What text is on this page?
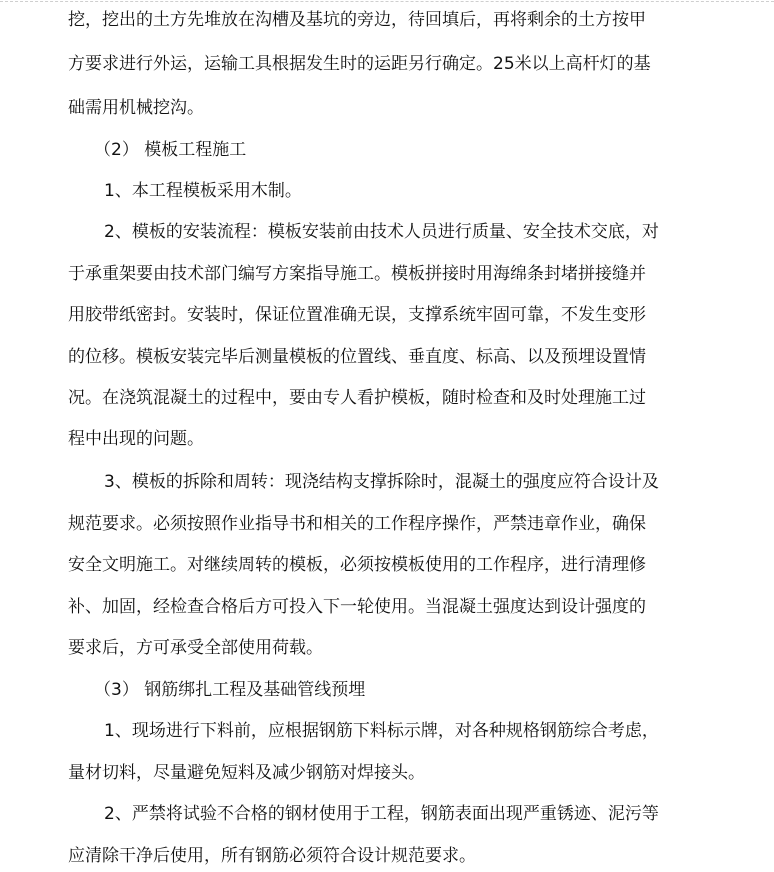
挖，挖出的土方先堆放在沟槽及基坑的旁边，待回填后，再将剩余的土方按甲
方要求进行外运，运输工具根据发生时的运距另行确定。25米以上高杆灯的基
础需用机械挖沟。
（2） 模板工程施工
1、本工程模板采用木制。
2、模板的安装流程：模板安装前由技术人员进行质量、安全技术交底，对
于承重架要由技术部门编写方案指导施工。模板拼接时用海绵条封堵拼接缝并
用胶带纸密封。安装时，保证位置准确无误，支撑系统牢固可靠，不发生变形
的位移。模板安装完毕后测量模板的位置线、垂直度、标高、以及预埋设置情
况。在浇筑混凝土的过程中，要由专人看护模板，随时检查和及时处理施工过
程中出现的问题。
3、模板的拆除和周转：现浇结构支撑拆除时，混凝土的强度应符合设计及
规范要求。必须按照作业指导书和相关的工作程序操作，严禁违章作业，确保
安全文明施工。对继续周转的模板，必须按模板使用的工作程序，进行清理修
补、加固，经检查合格后方可投入下一轮使用。当混凝土强度达到设计强度的
要求后，方可承受全部使用荷载。
（3） 钢筋绑扎工程及基础管线预埋
1、现场进行下料前，应根据钢筋下料标示牌，对各种规格钢筋综合考虑，
量材切料，尽量避免短料及减少钢筋对焊接头。
2、严禁将试验不合格的钢材使用于工程，钢筋表面出现严重锈迹、泥污等
应清除干净后使用，所有钢筋必须符合设计规范要求。
